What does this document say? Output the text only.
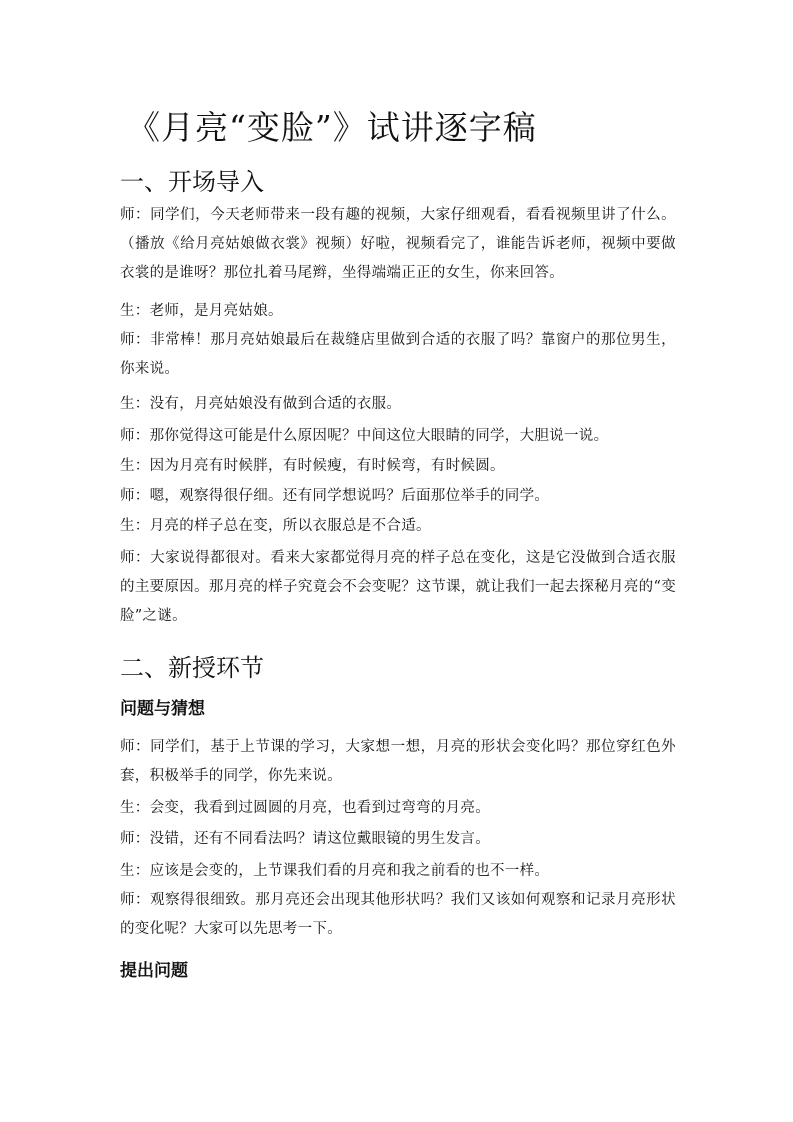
《月亮“变脸”》试讲逐字稿
一、开场导入

师：同学们，今天老师带来一段有趣的视频，大家仔细观看，看看视频里讲了什么。（播放《给月亮姑娘做衣裳》视频）好啦，视频看完了，谁能告诉老师，视频中要做衣裳的是谁呀？那位扎着马尾辫，坐得端端正正的女生，你来回答。

生：老师，是月亮姑娘。

师：非常棒！那月亮姑娘最后在裁缝店里做到合适的衣服了吗？靠窗户的那位男生，你来说。

生：没有，月亮姑娘没有做到合适的衣服。

师：那你觉得这可能是什么原因呢？中间这位大眼睛的同学，大胆说一说。

生：因为月亮有时候胖，有时候瘦，有时候弯，有时候圆。

师：嗯，观察得很仔细。还有同学想说吗？后面那位举手的同学。

生：月亮的样子总在变，所以衣服总是不合适。

师：大家说得都很对。看来大家都觉得月亮的样子总在变化，这是它没做到合适衣服的主要原因。那月亮的样子究竟会不会变呢？这节课，就让我们一起去探秘月亮的“变脸”之谜。

二、新授环节
问题与猜想

师：同学们，基于上节课的学习，大家想一想，月亮的形状会变化吗？那位穿红色外套，积极举手的同学，你先来说。

生：会变，我看到过圆圆的月亮，也看到过弯弯的月亮。

师：没错，还有不同看法吗？请这位戴眼镜的男生发言。

生：应该是会变的，上节课我们看的月亮和我之前看的也不一样。

师：观察得很细致。那月亮还会出现其他形状吗？我们又该如何观察和记录月亮形状的变化呢？大家可以先思考一下。

提出问题
